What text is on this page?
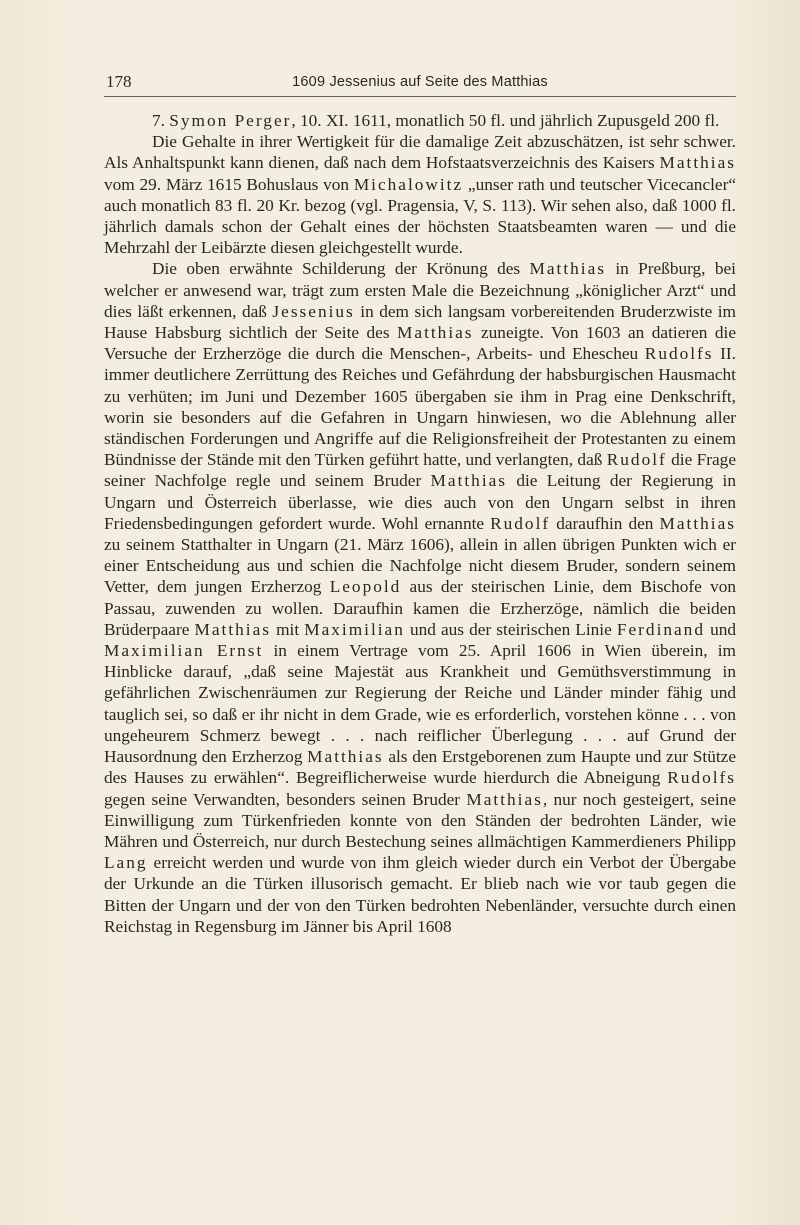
178	1609 Jessenius auf Seite des Matthias

7. Symon Perger, 10. XI. 1611, monatlich 50 fl. und jährlich Zupusgeld 200 fl.

Die Gehalte in ihrer Wertigkeit für die damalige Zeit abzuschätzen, ist sehr schwer. Als Anhaltspunkt kann dienen, daß nach dem Hofstaatsverzeichnis des Kaisers Matthias vom 29. März 1615 Bohuslaus von Michalowitz „unser rath und teutscher Vicecancler“ auch monatlich 83 fl. 20 Kr. bezog (vgl. Pragensia, V, S. 113). Wir sehen also, daß 1000 fl. jährlich damals schon der Gehalt eines der höchsten Staatsbeamten waren — und die Mehrzahl der Leibärzte diesen gleichgestellt wurde.

Die oben erwähnte Schilderung der Krönung des Matthias in Preßburg, bei welcher er anwesend war, trägt zum ersten Male die Bezeichnung „königlicher Arzt“ und dies läßt erkennen, daß Jessenius in dem sich langsam vorbereitenden Bruderzwiste im Hause Habsburg sichtlich der Seite des Matthias zuneigte. Von 1603 an datieren die Versuche der Erzherzöge die durch die Menschen-, Arbeits- und Ehescheu Rudolfs II. immer deutlichere Zerrüttung des Reiches und Gefährdung der habsburgischen Hausmacht zu verhüten; im Juni und Dezember 1605 übergaben sie ihm in Prag eine Denkschrift, worin sie besonders auf die Gefahren in Ungarn hinwiesen, wo die Ablehnung aller ständischen Forderungen und Angriffe auf die Religionsfreiheit der Protestanten zu einem Bündnisse der Stände mit den Türken geführt hatte, und verlangten, daß Rudolf die Frage seiner Nachfolge regle und seinem Bruder Matthias die Leitung der Regierung in Ungarn und Österreich überlasse, wie dies auch von den Ungarn selbst in ihren Friedensbedingungen gefordert wurde. Wohl ernannte Rudolf daraufhin den Matthias zu seinem Statthalter in Ungarn (21. März 1606), allein in allen übrigen Punkten wich er einer Entscheidung aus und schien die Nachfolge nicht diesem Bruder, sondern seinem Vetter, dem jungen Erzherzog Leopold aus der steirischen Linie, dem Bischofe von Passau, zuwenden zu wollen. Daraufhin kamen die Erzherzöge, nämlich die beiden Brüderpaare Matthias mit Maximilian und aus der steirischen Linie Ferdinand und Maximilian Ernst in einem Vertrage vom 25. April 1606 in Wien überein, im Hinblicke darauf, „daß seine Majestät aus Krankheit und Gemüthsverstimmung in gefährlichen Zwischenräumen zur Regierung der Reiche und Länder minder fähig und tauglich sei, so daß er ihr nicht in dem Grade, wie es erforderlich, vorstehen könne . . . von ungeheurem Schmerz bewegt . . . nach reiflicher Überlegung . . . auf Grund der Hausordnung den Erzherzog Matthias als den Erstgeborenen zum Haupte und zur Stütze des Hauses zu erwählen“. Begreiflicherweise wurde hierdurch die Abneigung Rudolfs gegen seine Verwandten, besonders seinen Bruder Matthias, nur noch gesteigert, seine Einwilligung zum Türkenfrieden konnte von den Ständen der bedrohten Länder, wie Mähren und Österreich, nur durch Bestechung seines allmächtigen Kammerdieners Philipp Lang erreicht werden und wurde von ihm gleich wieder durch ein Verbot der Übergabe der Urkunde an die Türken illusorisch gemacht. Er blieb nach wie vor taub gegen die Bitten der Ungarn und der von den Türken bedrohten Nebenländer, versuchte durch einen Reichstag in Regensburg im Jänner bis April 1608
